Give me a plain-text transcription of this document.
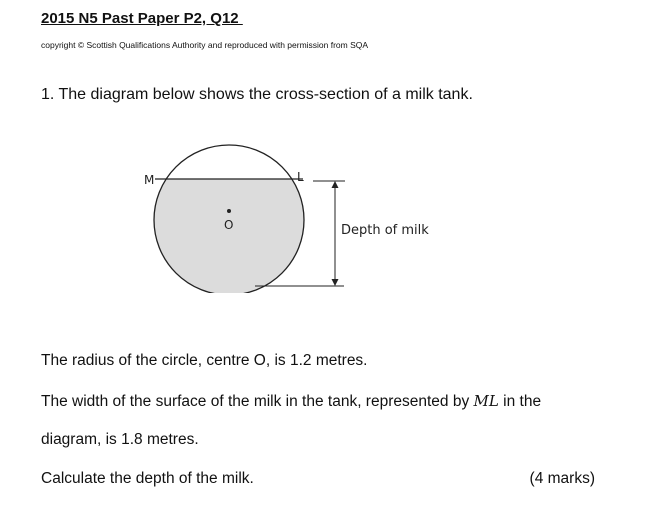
2015 N5 Past Paper P2, Q12
copyright © Scottish Qualifications Authority and reproduced with permission from SQA
1. The diagram below shows the cross-section of a milk tank.
M	L
O	Depth of milk
The radius of the circle, centre O, is 1.2 metres.
The width of the surface of the milk in the tank, represented by ML in the
diagram, is 1.8 metres.
Calculate the depth of the milk.	(4 marks)
